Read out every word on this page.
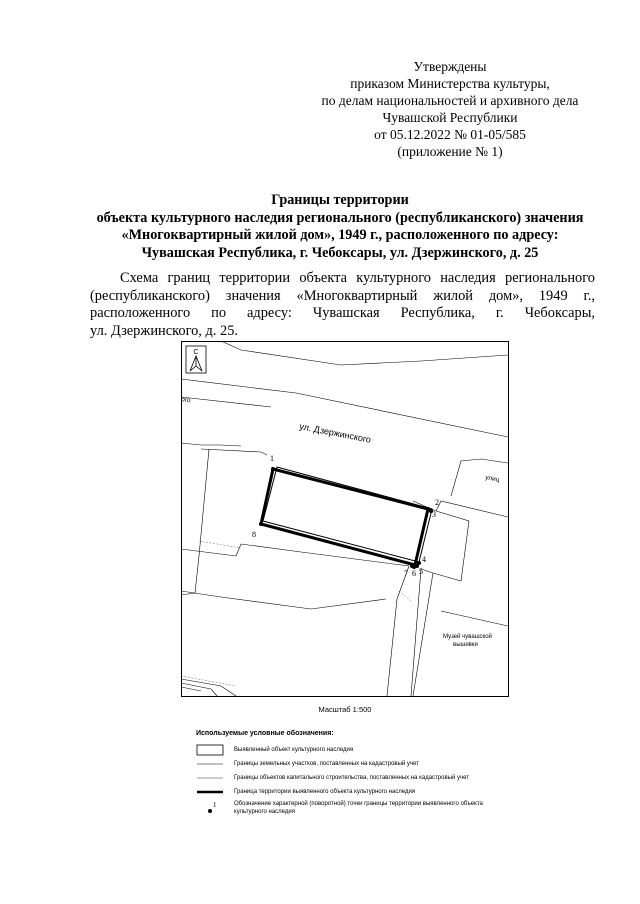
Утверждены
приказом Министерства культуры,
по делам национальностей и архивного дела
Чувашской Республики
от 05.12.2022 № 01-05/585
(приложение № 1)
Границы территории
объекта культурного наследия регионального (республиканского) значения
«Многоквартирный жилой дом», 1949 г., расположенного по адресу:
Чувашская Республика, г. Чебоксары, ул. Дзержинского, д. 25
Схема границ территории объекта культурного наследия регионального
(республиканского) значения «Многоквартирный жилой дом», 1949 г.,
расположенного по адресу: Чувашская Республика, г. Чебоксары,
ул. Дзержинского, д. 25.
С
ого
ул. Дзержинского
улиц
Музей чувашской
вышивки
1
2
3
4
5
6
7
8
Масштаб 1:500
Используемые условные обозначения:
Выявленный объект культурного наследия
Границы земельных участков, поставленных на кадастровый учет
Границы объектов капитального строительства, поставленных на кадастровый учет
Граница территории выявленного объекта культурного наследия
1	Обозначение характерной (поворотной) точки границы территории выявленного объекта культурного наследия
